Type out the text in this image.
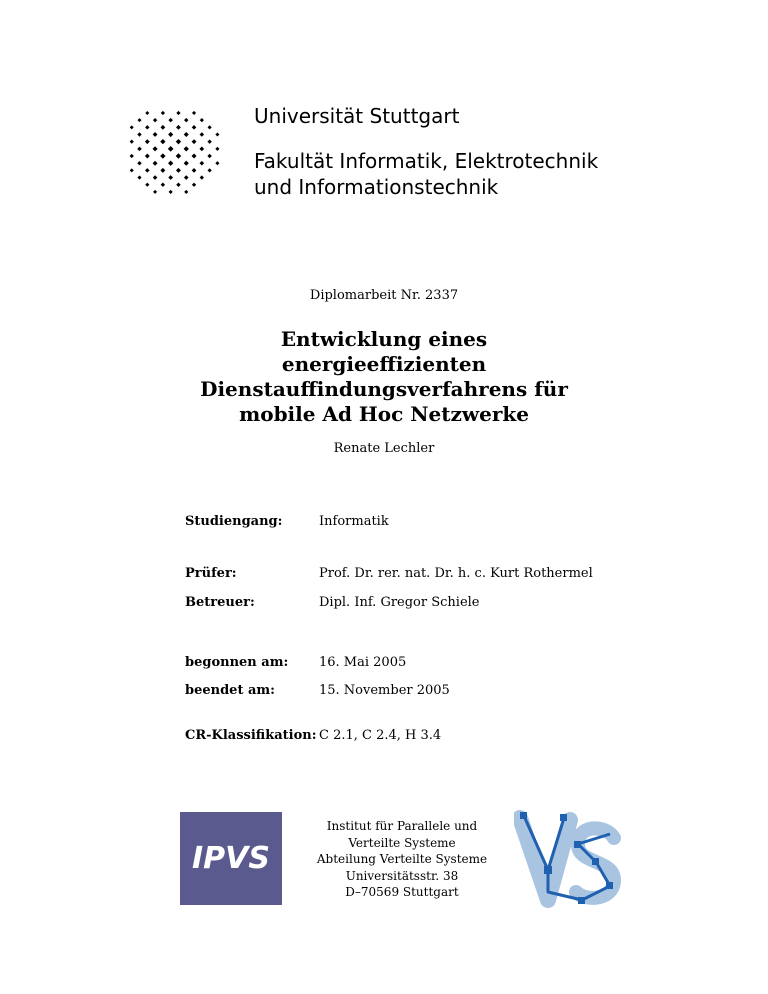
Universität Stuttgart
Fakultät Informatik, Elektrotechnik
und Informationstechnik
Diplomarbeit Nr. 2337
Entwicklung eines
energieeffizienten
Dienstauffindungsverfahrens für
mobile Ad Hoc Netzwerke
Renate Lechler
Studiengang:	Informatik
Prüfer:	Prof. Dr. rer. nat. Dr. h. c. Kurt Rothermel
Betreuer:	Dipl. Inf. Gregor Schiele
begonnen am: 16. Mai 2005
beendet am:	15. November 2005
CR-Klassifikation: C 2.1, C 2.4, H 3.4
IPVS
Institut für Parallele und
Verteilte Systeme
Abteilung Verteilte Systeme
Universitätsstr. 38
D–70569 Stuttgart
